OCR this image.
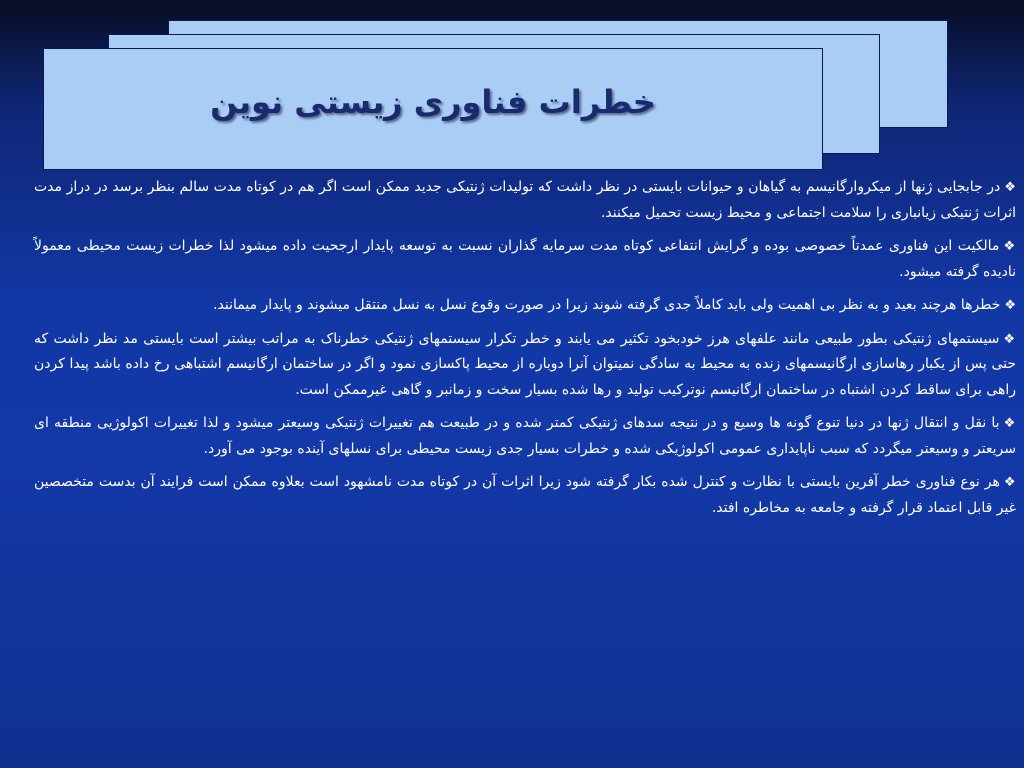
خطرات فناوری زیستی نوین

❖در جابجایی ژنها از میکروارگانیسم به گیاهان و حیوانات بایستی در نظر داشت که تولیدات ژنتیکی جدید ممکن است اگر هم در کوتاه مدت سالم بنظر برسد در دراز مدت اثرات ژنتیکی زیانباری را سلامت اجتماعی و محیط زیست تحمیل میکنند.

❖مالکیت این فناوری عمدتاً خصوصی بوده و گرایش انتفاعی کوتاه مدت سرمایه گذاران نسبت به توسعه پایدار ارجحیت داده میشود لذا خطرات زیست محیطی معمولاً نادیده گرفته میشود.

❖خطرها هرچند بعید و به نظر بی اهمیت ولی باید کاملاً جدی گرفته شوند زیرا در صورت وقوع نسل به نسل منتقل میشوند و پایدار میمانند.

❖سیستمهای ژنتیکی بطور طبیعی مانند علفهای هرز خودبخود تکثیر می یابند و خطر تکرار سیستمهای ژنتیکی خطرناک به مراتب بیشتر است بایستی مد نظر داشت که حتی پس از یکبار رهاسازی ارگانیسمهای زنده به محیط به سادگی نمیتوان آنرا دوباره از محیط پاکسازی نمود و اگر در ساختمان ارگانیسم اشتباهی رخ داده باشد پیدا کردن راهی برای ساقط کردن اشتباه در ساختمان ارگانیسم نوترکیب تولید و رها شده بسیار سخت و زمانبر و گاهی غیرممکن است.

❖با نقل و انتقال ژنها در دنیا تنوع گونه ها وسیع و در نتیجه سدهای ژنتیکی کمتر شده و در طبیعت هم تغییرات ژنتیکی وسیعتر میشود و لذا تغییرات اکولوژیی منطقه ای سریعتر و وسیعتر میگردد که سبب ناپایداری عمومی اکولوژیکی شده و خطرات بسیار جدی زیست محیطی برای نسلهای آینده بوجود می آورد.

❖هر نوع فناوری خطر آفرین بایستی با نظارت و کنترل شده بکار گرفته شود زیرا اثرات آن در کوتاه مدت نامشهود است بعلاوه ممکن است فرایند آن بدست متخصصین غیر قابل اعتماد قرار گرفته و جامعه به مخاطره افتد.
